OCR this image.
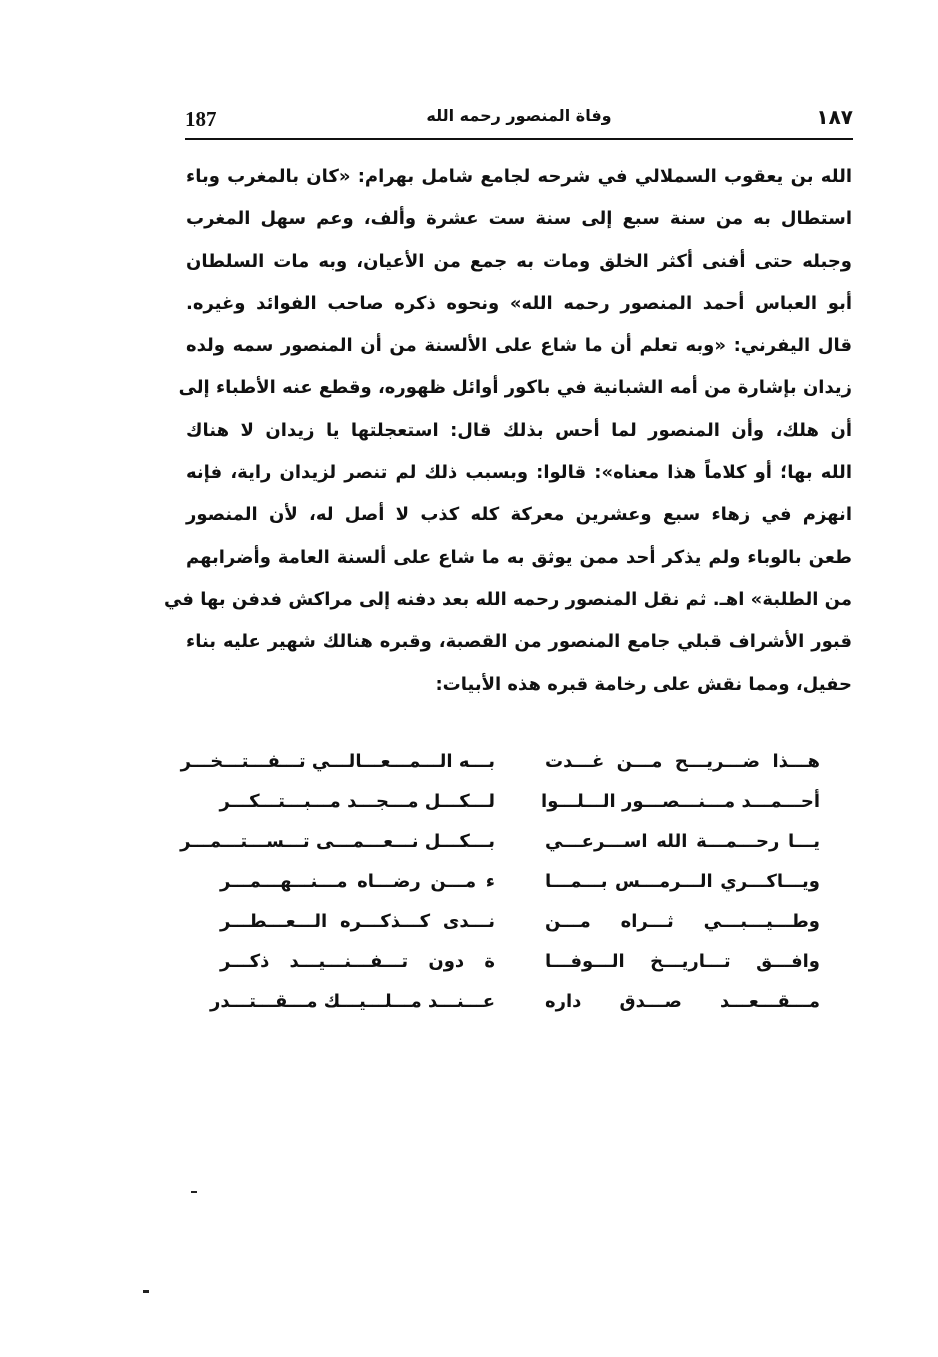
187	وفاة المنصور رحمه الله	١٨٧
الله بن يعقوب السملالي في شرحه لجامع شامل بهرام: «كان بالمغرب وباء
استطال به من سنة سبع إلى سنة ست عشرة وألف، وعم سهل المغرب
وجبله حتى أفنى أكثر الخلق ومات به جمع من الأعيان، وبه مات السلطان
أبو العباس أحمد المنصور رحمه الله» ونحوه ذكره صاحب الفوائد وغيره.
قال اليفرني: «وبه تعلم أن ما شاع على الألسنة من أن المنصور سمه ولده
زيدان بإشارة من أمه الشبانية في باكور أوائل ظهوره، وقطع عنه الأطباء إلى
أن هلك، وأن المنصور لما أحس بذلك قال: استعجلتها يا زيدان لا هناك
الله بها؛ أو كلاماً هذا معناه»: قالوا: وبسبب ذلك لم تنصر لزيدان راية، فإنه
انهزم في زهاء سبع وعشرين معركة كله كذب لا أصل له، لأن المنصور
طعن بالوباء ولم يذكر أحد ممن يوثق به ما شاع على ألسنة العامة وأضرابهم
من الطلبة» اهـ. ثم نقل المنصور رحمه الله بعد دفنه إلى مراكش فدفن بها في
قبور الأشراف قبلي جامع المنصور من القصبة، وقبره هنالك شهير عليه بناء
حفيل، ومما نقش على رخامة قبره هذه الأبيات:
هـــذا ضـــريـــح مـــن غـــدت
بـــه الـــمـــعـــالـــي تـــفـــتـــخـــر
أحـــمـــد مـــنـــصـــور الـــلـــوا
لـــكـــل مـــجـــد مـــبـــتـــكـــر
يـــا رحـــمـــة الله اســـرعـــي
بـــكـــل نـــعـــمـــى تـــســـتـــمـــر
ويـــاكـــري الـــرمـــس بـــمـــا
ء مـــن رضـــاه مـــنـــهـــمـــر
وطـــيـــبـــي ثـــراه مـــن
نـــدى كـــذكـــره الـــعـــطـــر
وافـــق تـــاريـــخ الـــوفـــا
ة دون تـــفـــنـــيـــد ذكـــر
مـــقـــعـــد صـــدق داره
عـــنـــد مـــلـــيـــك مـــقـــتـــدر
